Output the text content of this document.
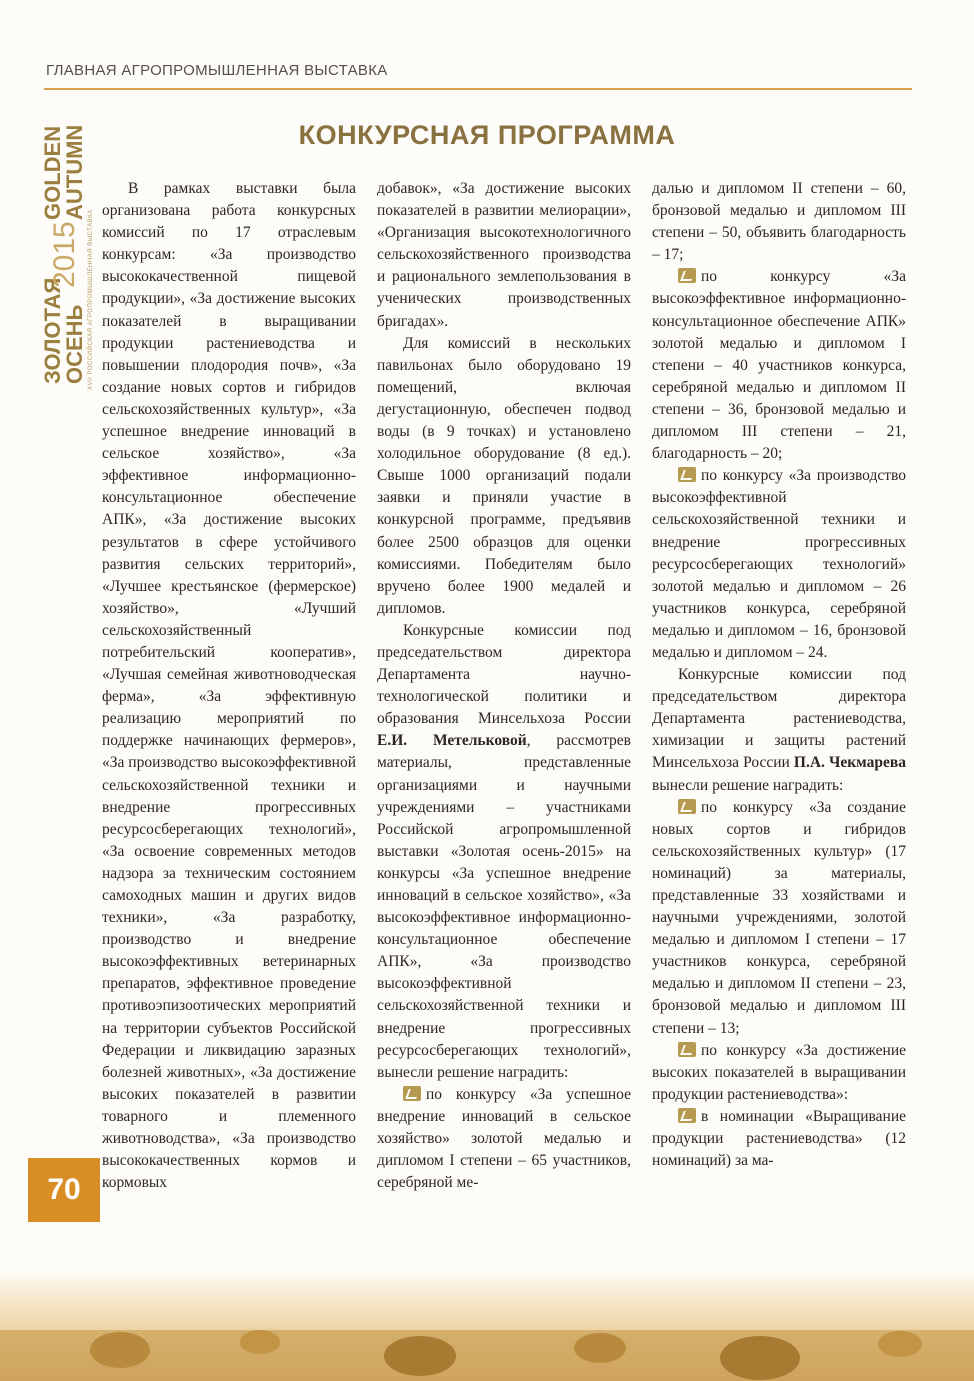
ГЛАВНАЯ АГРОПРОМЫШЛЕННАЯ ВЫСТАВКА
ЗОЛОТАЯ
ОСЕНЬ
2015
GOLDEN
AUTUMN
XVII РОССИЙСКАЯ АГРОПРОМЫШЛЕННАЯ ВЫСТАВКА
КОНКУРСНАЯ ПРОГРАММА

В рамках выставки была организована работа конкурсных комиссий по 17 отраслевым конкурсам: «За производство высококачественной пищевой продукции», «За достижение высоких показателей в выращивании продукции растениеводства и повышении плодородия почв», «За создание новых сортов и гибридов сельскохозяйственных культур», «За успешное внедрение инноваций в сельское хозяйство», «За эффективное информационно-консультационное обеспечение АПК», «За достижение высоких результатов в сфере устойчивого развития сельских территорий», «Лучшее крестьянское (фермерское) хозяйство», «Лучший сельскохозяйственный потребительский кооператив», «Лучшая семейная животноводческая ферма», «За эффективную реализацию мероприятий по поддержке начинающих фермеров», «За производство высокоэффективной сельскохозяйственной техники и внедрение прогрессивных ресурсосберегающих технологий», «За освоение современных методов надзора за техническим состоянием самоходных машин и других видов техники», «За разработку, производство и внедрение высокоэффективных ветеринарных препаратов, эффективное проведение противоэпизоотических мероприятий на территории субъектов Российской Федерации и ликвидацию заразных болезней животных», «За достижение высоких показателей в развитии товарного и племенного животноводства», «За производство высококачественных кормов и кормовых

добавок», «За достижение высоких показателей в развитии мелиорации», «Организация высокотехнологичного сельскохозяйственного производства и рационального землепользования в ученических производственных бригадах».

Для комиссий в нескольких павильонах было оборудовано 19 помещений, включая дегустационную, обеспечен подвод воды (в 9 точках) и установлено холодильное оборудование (8 ед.). Свыше 1000 организаций подали заявки и приняли участие в конкурсной программе, предъявив более 2500 образцов для оценки комиссиями. Победителям было вручено более 1900 медалей и дипломов.

Конкурсные комиссии под председательством директора Департамента научно-технологической политики и образования Минсельхоза России Е.И. Метельковой, рассмотрев материалы, представленные организациями и научными учреждениями – участниками Российской агропромышленной выставки «Золотая осень-2015» на конкурсы «За успешное внедрение инноваций в сельское хозяйство», «За высокоэффективное информационно-консультационное обеспечение АПК», «За производство высокоэффективной сельскохозяйственной техники и внедрение прогрессивных ресурсосберегающих технологий», вынесли решение наградить:

по конкурсу «За успешное внедрение инноваций в сельское хозяйство» золотой медалью и дипломом I степени – 65 участников, серебряной ме-

далью и дипломом II степени – 60, бронзовой медалью и дипломом III степени – 50, объявить благодарность – 17;

по конкурсу «За высокоэффективное информационно-консультационное обеспечение АПК» золотой медалью и дипломом I степени – 40 участников конкурса, серебряной медалью и дипломом II степени – 36, бронзовой медалью и дипломом III степени – 21, благодарность – 20;

по конкурсу «За производство высокоэффективной сельскохозяйственной техники и внедрение прогрессивных ресурсосберегающих технологий» золотой медалью и дипломом – 26 участников конкурса, серебряной медалью и дипломом – 16, бронзовой медалью и дипломом – 24.

Конкурсные комиссии под председательством директора Департамента растениеводства, химизации и защиты растений Минсельхоза России П.А. Чекмарева вынесли решение наградить:

по конкурсу «За создание новых сортов и гибридов сельскохозяйственных культур» (17 номинаций) за материалы, представленные 33 хозяйствами и научными учреждениями, золотой медалью и дипломом I степени – 17 участников конкурса, серебряной медалью и дипломом II степени – 23, бронзовой медалью и дипломом III степени – 13;

по конкурсу «За достижение высоких показателей в выращивании продукции растениеводства»:

в номинации «Выращивание продукции растениеводства» (12 номинаций) за ма-

70
